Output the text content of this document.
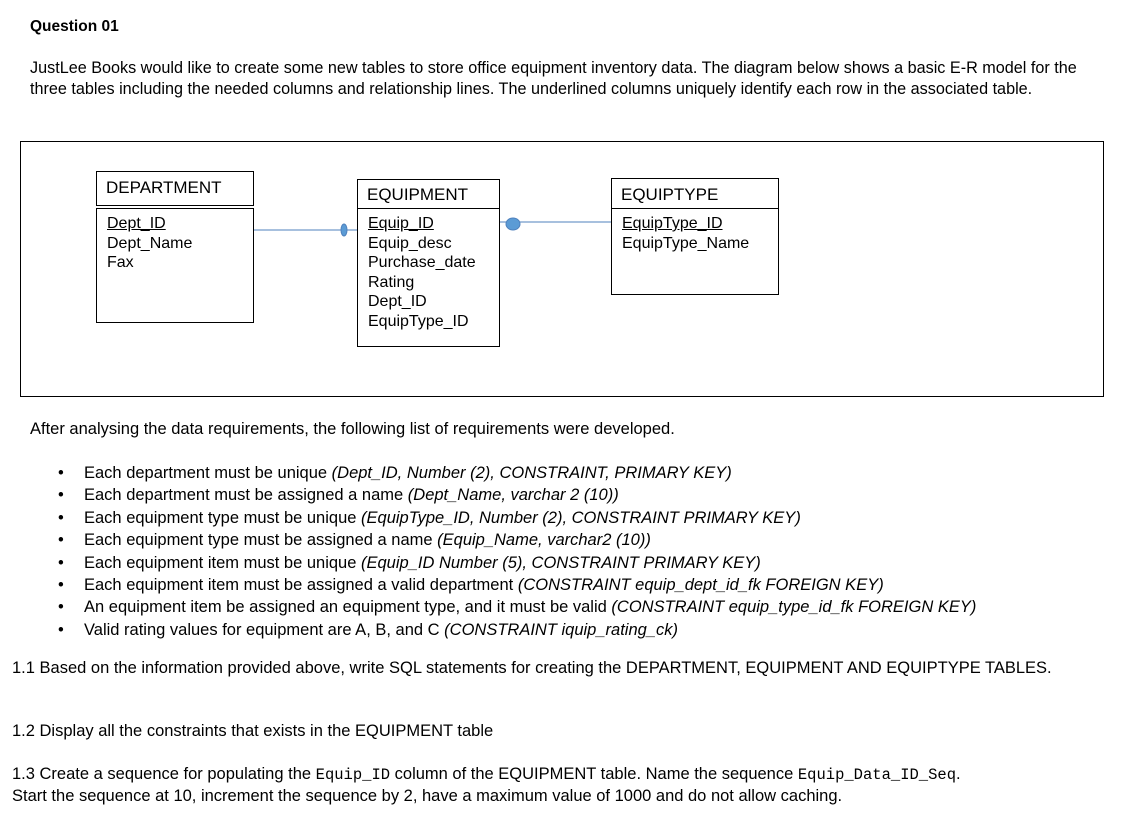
Question 01
JustLee Books would like to create some new tables to store office equipment inventory data. The diagram below shows a basic E-R model for the three tables including the needed columns and relationship lines. The underlined columns uniquely identify each row in the associated table.
DEPARTMENT
Dept_ID
Dept_Name
Fax
EQUIPMENT
Equip_ID
Equip_desc
Purchase_date
Rating
Dept_ID
EquipType_ID
EQUIPTYPE
EquipType_ID
EquipType_Name
After analysing the data requirements, the following list of requirements were developed.
• Each department must be unique (Dept_ID, Number (2), CONSTRAINT, PRIMARY KEY)
• Each department must be assigned a name (Dept_Name, varchar 2 (10))
• Each equipment type must be unique (EquipType_ID, Number (2), CONSTRAINT PRIMARY KEY)
• Each equipment type must be assigned a name (Equip_Name, varchar2 (10))
• Each equipment item must be unique (Equip_ID Number (5), CONSTRAINT PRIMARY KEY)
• Each equipment item must be assigned a valid department (CONSTRAINT equip_dept_id_fk FOREIGN KEY)
• An equipment item be assigned an equipment type, and it must be valid (CONSTRAINT equip_type_id_fk FOREIGN KEY)
• Valid rating values for equipment are A, B, and C (CONSTRAINT iquip_rating_ck)
1.1 Based on the information provided above, write SQL statements for creating the DEPARTMENT, EQUIPMENT AND EQUIPTYPE TABLES.
1.2 Display all the constraints that exists in the EQUIPMENT table
1.3 Create a sequence for populating the Equip_ID column of the EQUIPMENT table. Name the sequence Equip_Data_ID_Seq.
Start the sequence at 10, increment the sequence by 2, have a maximum value of 1000 and do not allow caching.
